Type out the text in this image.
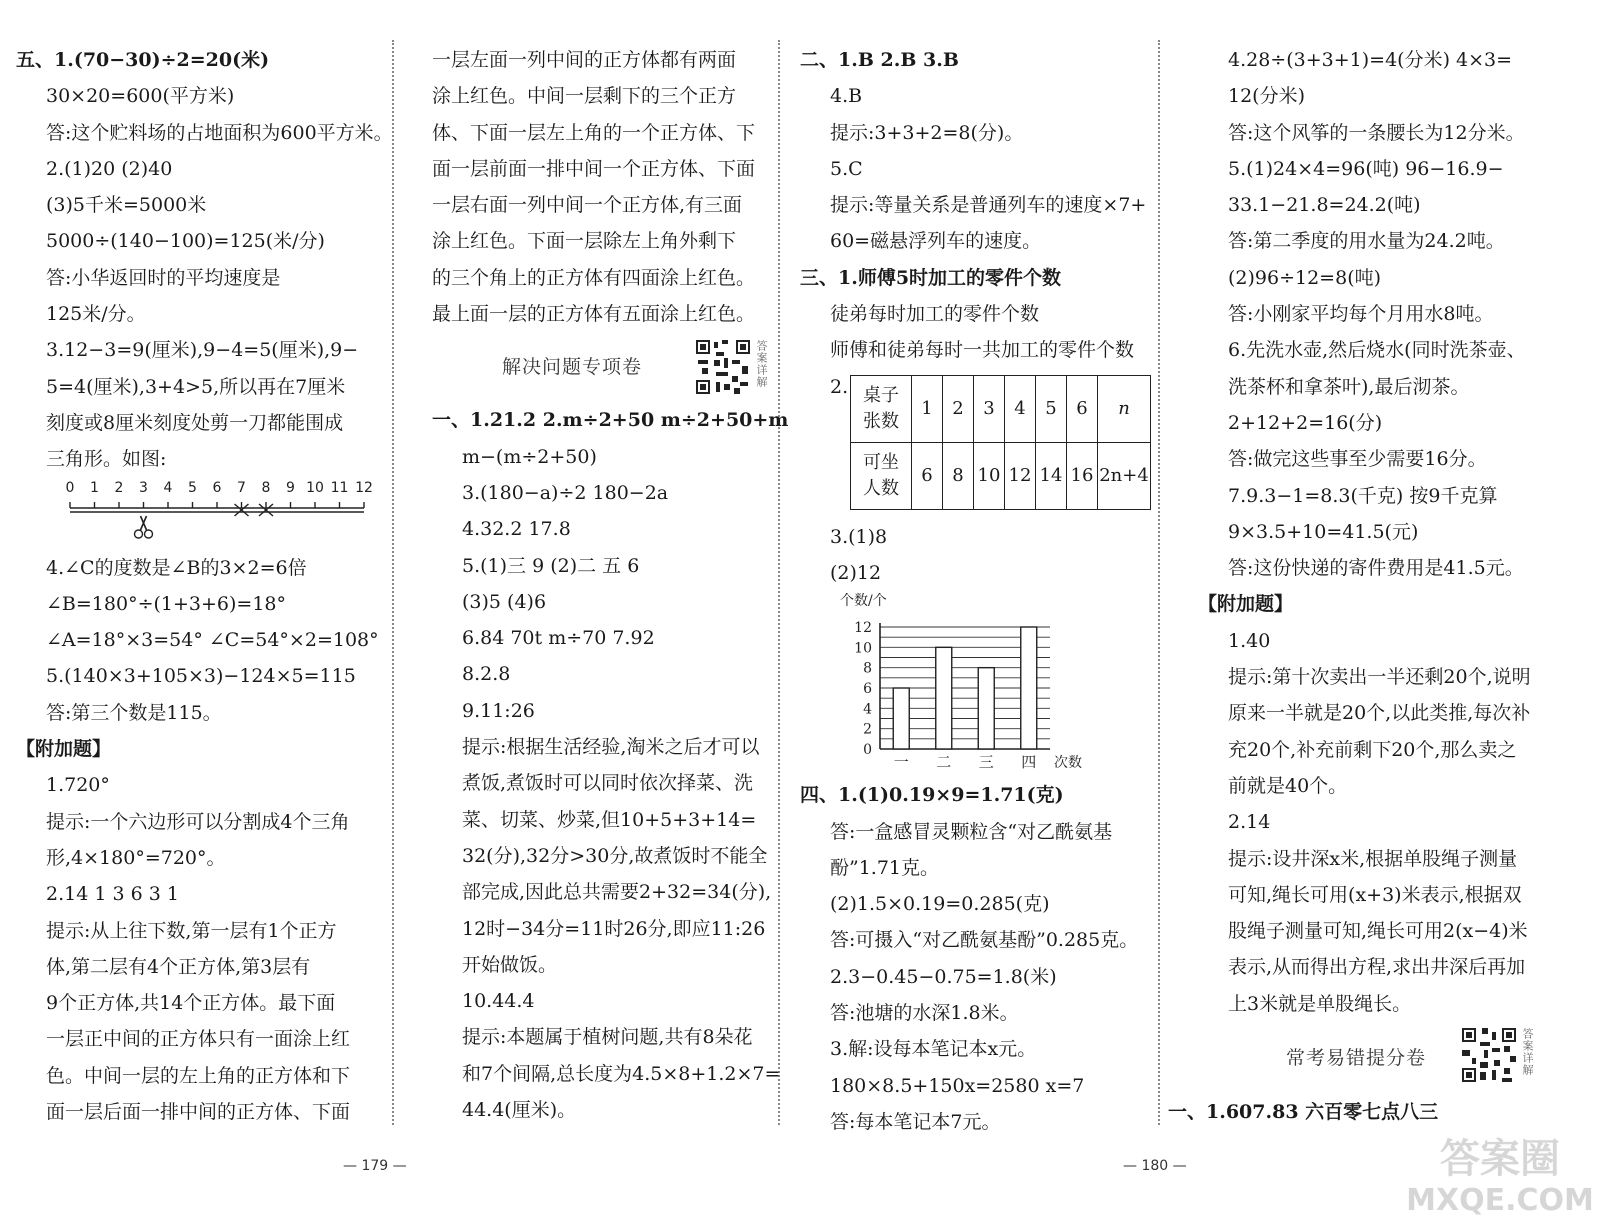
五、1.(70−30)÷2=20(米)
30×20=600(平方米)
答:这个贮料场的占地面积为600平方米。
2.(1)20 (2)40
(3)5千米=5000米
5000÷(140−100)=125(米/分)
答:小华返回时的平均速度是
125米/分。
3.12−3=9(厘米),9−4=5(厘米),9−
5=4(厘米),3+4>5,所以再在7厘米
刻度或8厘米刻度处剪一刀都能围成
三角形。如图:
0 1 2 3 4 5 6 7 8 9 10 11 12
4.∠C的度数是∠B的3×2=6倍
∠B=180°÷(1+3+6)=18°
∠A=18°×3=54° ∠C=54°×2=108°
5.(140×3+105×3)−124×5=115
答:第三个数是115。
【附加题】
1.720°
提示:一个六边形可以分割成4个三角
形,4×180°=720°。
2.14 1 3 6 3 1
提示:从上往下数,第一层有1个正方
体,第二层有4个正方体,第3层有
9个正方体,共14个正方体。最下面
一层正中间的正方体只有一面涂上红
色。中间一层的左上角的正方体和下
面一层后面一排中间的正方体、下面
一层左面一列中间的正方体都有两面
涂上红色。中间一层剩下的三个正方
体、下面一层左上角的一个正方体、下
面一层前面一排中间一个正方体、下面
一层右面一列中间一个正方体,有三面
涂上红色。下面一层除左上角外剩下
的三个角上的正方体有四面涂上红色。
最上面一层的正方体有五面涂上红色。
解决问题专项卷	答案详解
一、1.21.2 2.m÷2+50 m÷2+50+m
m−(m÷2+50)
3.(180−a)÷2 180−2a
4.32.2 17.8
5.(1)三 9 (2)二 五 6
(3)5 (4)6
6.84 70t m÷70 7.92
8.2.8
9.11:26
提示:根据生活经验,淘米之后才可以
煮饭,煮饭时可以同时依次择菜、洗
菜、切菜、炒菜,但10+5+3+14=
32(分),32分>30分,故煮饭时不能全
部完成,因此总共需要2+32=34(分),
12时−34分=11时26分,即应11:26
开始做饭。
10.44.4
提示:本题属于植树问题,共有8朵花
和7个间隔,总长度为4.5×8+1.2×7=
44.4(厘米)。
二、1.B 2.B 3.B
4.B
提示:3+3+2=8(分)。
5.C
提示:等量关系是普通列车的速度×7+
60=磁悬浮列车的速度。
三、1.师傅5时加工的零件个数
徒弟每时加工的零件个数
师傅和徒弟每时一共加工的零件个数
2. 桌子
张数	1	2	3	4	5	6	n

可坐
人数	6	8	10	12	14	16	2n+4
3.(1)8
(2)12
个数/个
0
2
4
6
8
10
12
一 二 三 四 次数
四、1.(1)0.19×9=1.71(克)
答:一盒感冒灵颗粒含“对乙酰氨基
酚”1.71克。
(2)1.5×0.19=0.285(克)
答:可摄入“对乙酰氨基酚”0.285克。
2.3−0.45−0.75=1.8(米)
答:池塘的水深1.8米。
3.解:设每本笔记本x元。
180×8.5+150x=2580 x=7
答:每本笔记本7元。
4.28÷(3+3+1)=4(分米) 4×3=
12(分米)
答:这个风筝的一条腰长为12分米。
5.(1)24×4=96(吨) 96−16.9−
33.1−21.8=24.2(吨)
答:第二季度的用水量为24.2吨。
(2)96÷12=8(吨)
答:小刚家平均每个月用水8吨。
6.先洗水壶,然后烧水(同时洗茶壶、
洗茶杯和拿茶叶),最后沏茶。
2+12+2=16(分)
答:做完这些事至少需要16分。
7.9.3−1=8.3(千克) 按9千克算
9×3.5+10=41.5(元)
答:这份快递的寄件费用是41.5元。
【附加题】
1.40
提示:第十次卖出一半还剩20个,说明
原来一半就是20个,以此类推,每次补
充20个,补充前剩下20个,那么卖之
前就是40个。
2.14
提示:设井深x米,根据单股绳子测量
可知,绳长可用(x+3)米表示,根据双
股绳子测量可知,绳长可用2(x−4)米
表示,从而得出方程,求出井深后再加
上3米就是单股绳长。
常考易错提分卷	答案详解
一、1.607.83 六百零七点八三
— 179 —	— 180 —	答案圈
MXQE.COM
